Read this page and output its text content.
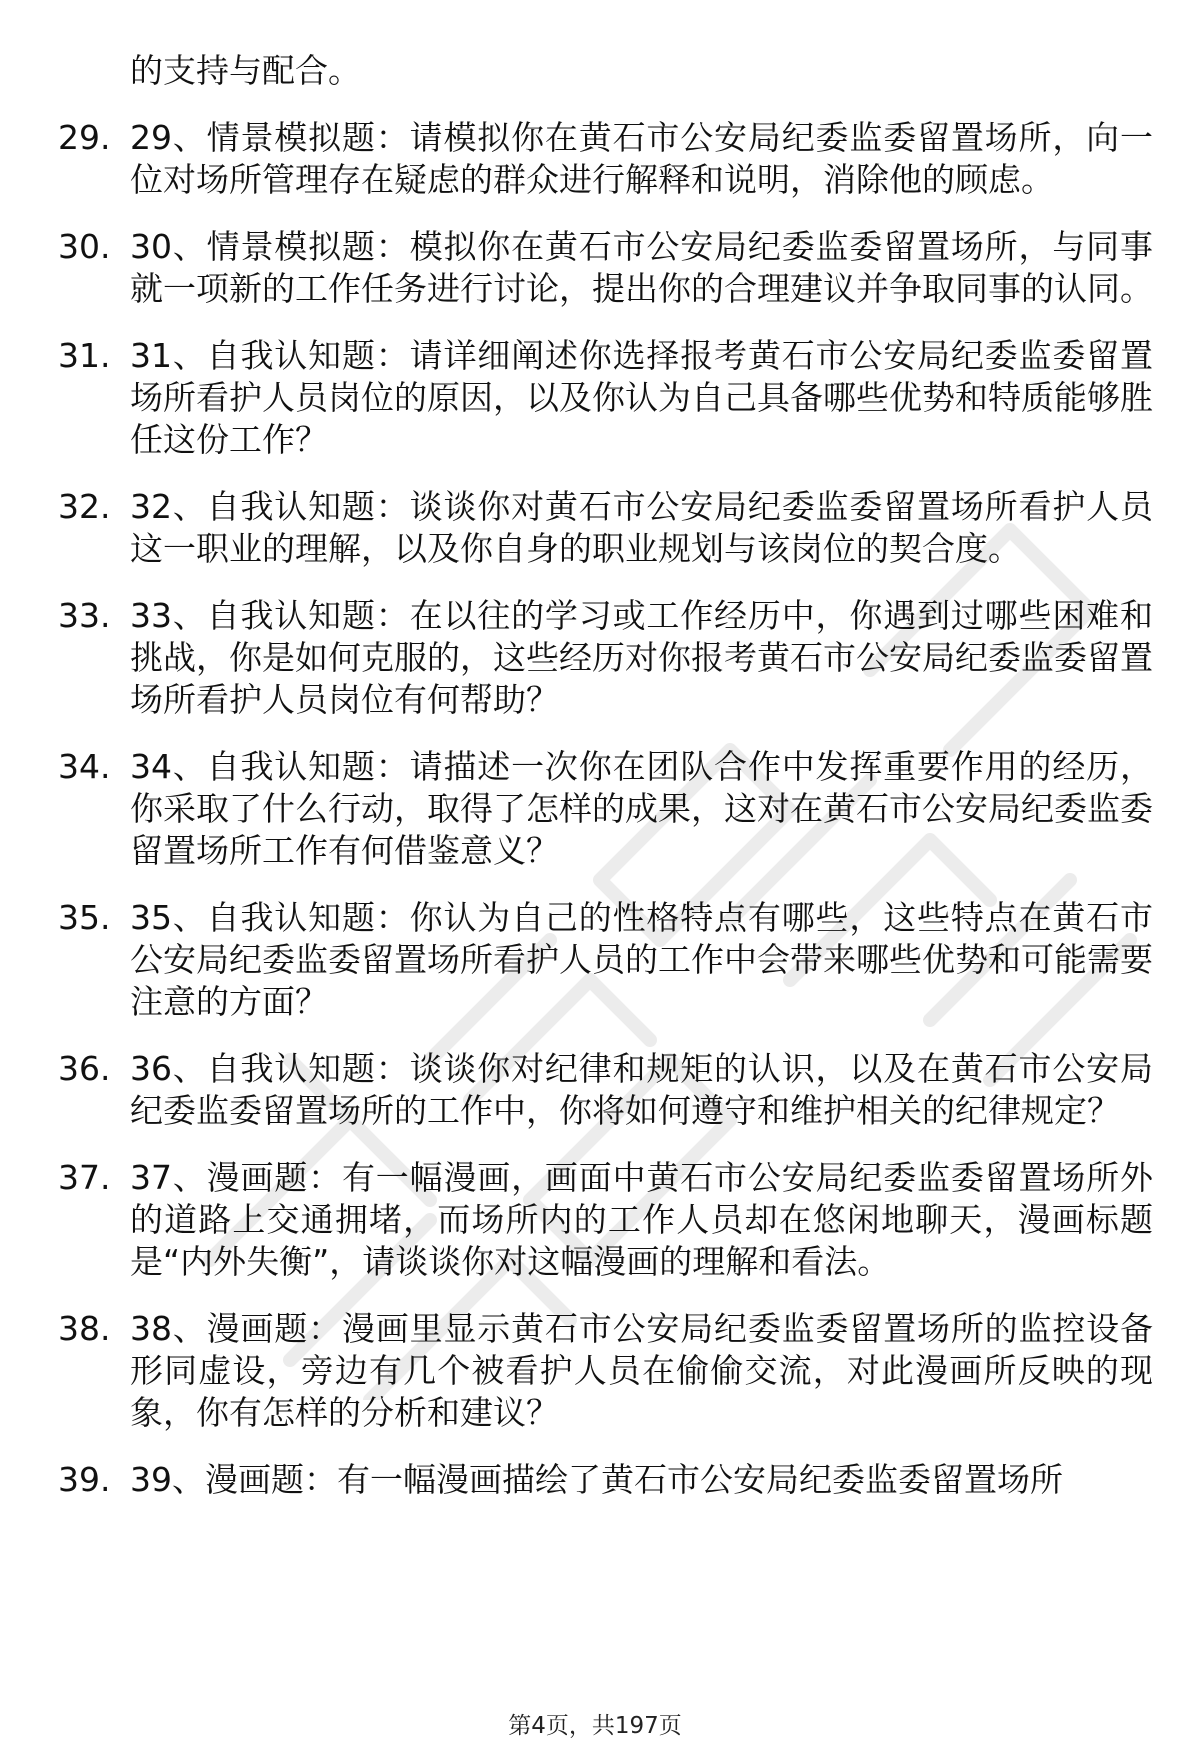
的支持与配合。
29. 29、情景模拟题：请模拟你在黄石市公安局纪委监委留置场所，向一位对场所管理存在疑虑的群众进行解释和说明，消除他的顾虑。
30. 30、情景模拟题：模拟你在黄石市公安局纪委监委留置场所，与同事就一项新的工作任务进行讨论，提出你的合理建议并争取同事的认同。
31. 31、自我认知题：请详细阐述你选择报考黄石市公安局纪委监委留置场所看护人员岗位的原因，以及你认为自己具备哪些优势和特质能够胜任这份工作？
32. 32、自我认知题：谈谈你对黄石市公安局纪委监委留置场所看护人员这一职业的理解，以及你自身的职业规划与该岗位的契合度。
33. 33、自我认知题：在以往的学习或工作经历中，你遇到过哪些困难和挑战，你是如何克服的，这些经历对你报考黄石市公安局纪委监委留置场所看护人员岗位有何帮助？
34. 34、自我认知题：请描述一次你在团队合作中发挥重要作用的经历，你采取了什么行动，取得了怎样的成果，这对在黄石市公安局纪委监委留置场所工作有何借鉴意义？
35. 35、自我认知题：你认为自己的性格特点有哪些，这些特点在黄石市公安局纪委监委留置场所看护人员的工作中会带来哪些优势和可能需要注意的方面？
36. 36、自我认知题：谈谈你对纪律和规矩的认识，以及在黄石市公安局纪委监委留置场所的工作中，你将如何遵守和维护相关的纪律规定？
37. 37、漫画题：有一幅漫画，画面中黄石市公安局纪委监委留置场所外的道路上交通拥堵，而场所内的工作人员却在悠闲地聊天，漫画标题是“内外失衡”，请谈谈你对这幅漫画的理解和看法。
38. 38、漫画题：漫画里显示黄石市公安局纪委监委留置场所的监控设备形同虚设，旁边有几个被看护人员在偷偷交流，对此漫画所反映的现象，你有怎样的分析和建议？
39. 39、漫画题：有一幅漫画描绘了黄石市公安局纪委监委留置场所
第4页，共197页
